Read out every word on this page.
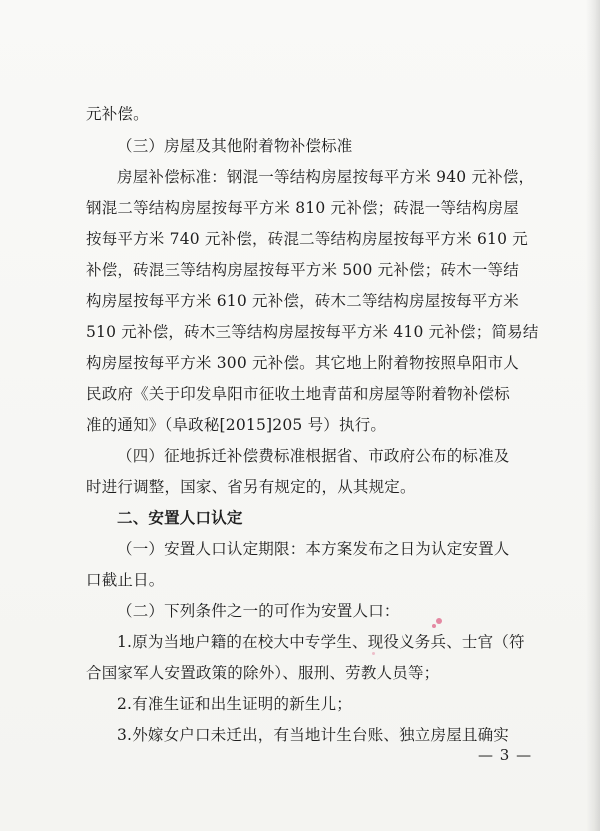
元补偿。
（三）房屋及其他附着物补偿标准
房屋补偿标准：钢混一等结构房屋按每平方米 940 元补偿，
钢混二等结构房屋按每平方米 810 元补偿；砖混一等结构房屋
按每平方米 740 元补偿，砖混二等结构房屋按每平方米 610 元
补偿，砖混三等结构房屋按每平方米 500 元补偿；砖木一等结
构房屋按每平方米 610 元补偿，砖木二等结构房屋按每平方米
510 元补偿，砖木三等结构房屋按每平方米 410 元补偿；简易结
构房屋按每平方米 300 元补偿。其它地上附着物按照阜阳市人
民政府《关于印发阜阳市征收土地青苗和房屋等附着物补偿标
准的通知》（阜政秘[2015]205 号）执行。
（四）征地拆迁补偿费标准根据省、市政府公布的标准及
时进行调整，国家、省另有规定的，从其规定。
二、安置人口认定
（一）安置人口认定期限：本方案发布之日为认定安置人
口截止日。
（二）下列条件之一的可作为安置人口：
1.原为当地户籍的在校大中专学生、现役义务兵、士官（符
合国家军人安置政策的除外）、服刑、劳教人员等；
2.有准生证和出生证明的新生儿；
3.外嫁女户口未迁出，有当地计生台账、独立房屋且确实
— 3 —
